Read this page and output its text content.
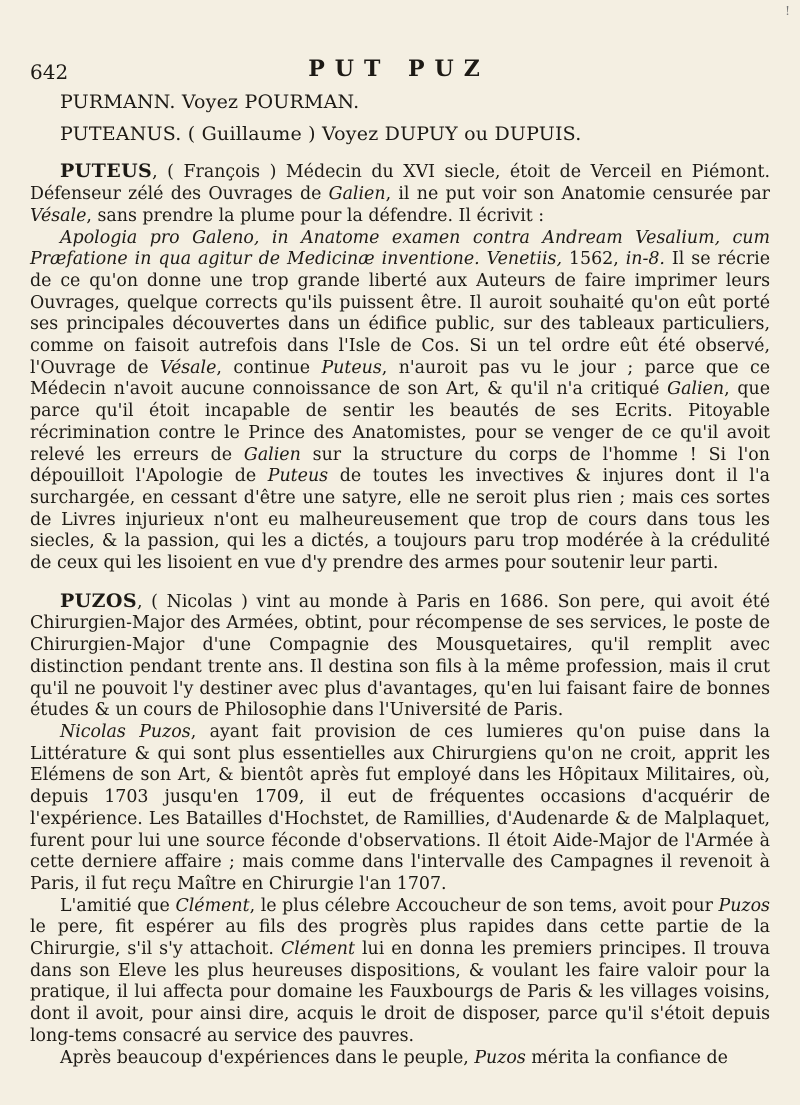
!
642	PUT PUZ

PURMANN. Voyez POURMAN.

PUTEANUS. ( Guillaume ) Voyez DUPUY ou DUPUIS.

PUTEUS, ( François ) Médecin du XVI siecle, étoit de Verceil en Piémont. Défenseur zélé des Ouvrages de Galien, il ne put voir son Anatomie censurée par Vésale, sans prendre la plume pour la défendre. Il écrivit :

Apologia pro Galeno, in Anatome examen contra Andream Vesalium, cum Præfatione in qua agitur de Medicinæ inventione. Venetiis, 1562, in-8. Il se récrie de ce qu'on donne une trop grande liberté aux Auteurs de faire imprimer leurs Ouvrages, quelque corrects qu'ils puissent être. Il auroit souhaité qu'on eût porté ses principales découvertes dans un édifice public, sur des tableaux particuliers, comme on faisoit autrefois dans l'Isle de Cos. Si un tel ordre eût été observé, l'Ouvrage de Vésale, continue Puteus, n'auroit pas vu le jour ; parce que ce Médecin n'avoit aucune connoissance de son Art, & qu'il n'a critiqué Galien, que parce qu'il étoit incapable de sentir les beautés de ses Ecrits. Pitoyable récrimination contre le Prince des Anatomistes, pour se venger de ce qu'il avoit relevé les erreurs de Galien sur la structure du corps de l'homme ! Si l'on dépouilloit l'Apologie de Puteus de toutes les invectives & injures dont il l'a surchargée, en cessant d'être une satyre, elle ne seroit plus rien ; mais ces sortes de Livres injurieux n'ont eu malheureusement que trop de cours dans tous les siecles, & la passion, qui les a dictés, a toujours paru trop modérée à la crédulité de ceux qui les lisoient en vue d'y prendre des armes pour soutenir leur parti.

PUZOS, ( Nicolas ) vint au monde à Paris en 1686. Son pere, qui avoit été Chirurgien-Major des Armées, obtint, pour récompense de ses services, le poste de Chirurgien-Major d'une Compagnie des Mousquetaires, qu'il remplit avec distinction pendant trente ans. Il destina son fils à la même profession, mais il crut qu'il ne pouvoit l'y destiner avec plus d'avantages, qu'en lui faisant faire de bonnes études & un cours de Philosophie dans l'Université de Paris.

Nicolas Puzos, ayant fait provision de ces lumieres qu'on puise dans la Littérature & qui sont plus essentielles aux Chirurgiens qu'on ne croit, apprit les Elémens de son Art, & bientôt après fut employé dans les Hôpitaux Militaires, où, depuis 1703 jusqu'en 1709, il eut de fréquentes occasions d'acquérir de l'expérience. Les Batailles d'Hochstet, de Ramillies, d'Audenarde & de Malplaquet, furent pour lui une source féconde d'observations. Il étoit Aide-Major de l'Armée à cette derniere affaire ; mais comme dans l'intervalle des Campagnes il revenoit à Paris, il fut reçu Maître en Chirurgie l'an 1707.

L'amitié que Clément, le plus célebre Accoucheur de son tems, avoit pour Puzos le pere, fit espérer au fils des progrès plus rapides dans cette partie de la Chirurgie, s'il s'y attachoit. Clément lui en donna les premiers principes. Il trouva dans son Eleve les plus heureuses dispositions, & voulant les faire valoir pour la pratique, il lui affecta pour domaine les Fauxbourgs de Paris & les villages voisins, dont il avoit, pour ainsi dire, acquis le droit de disposer, parce qu'il s'étoit depuis long-tems consacré au service des pauvres.

Après beaucoup d'expériences dans le peuple, Puzos mérita la confiance de
